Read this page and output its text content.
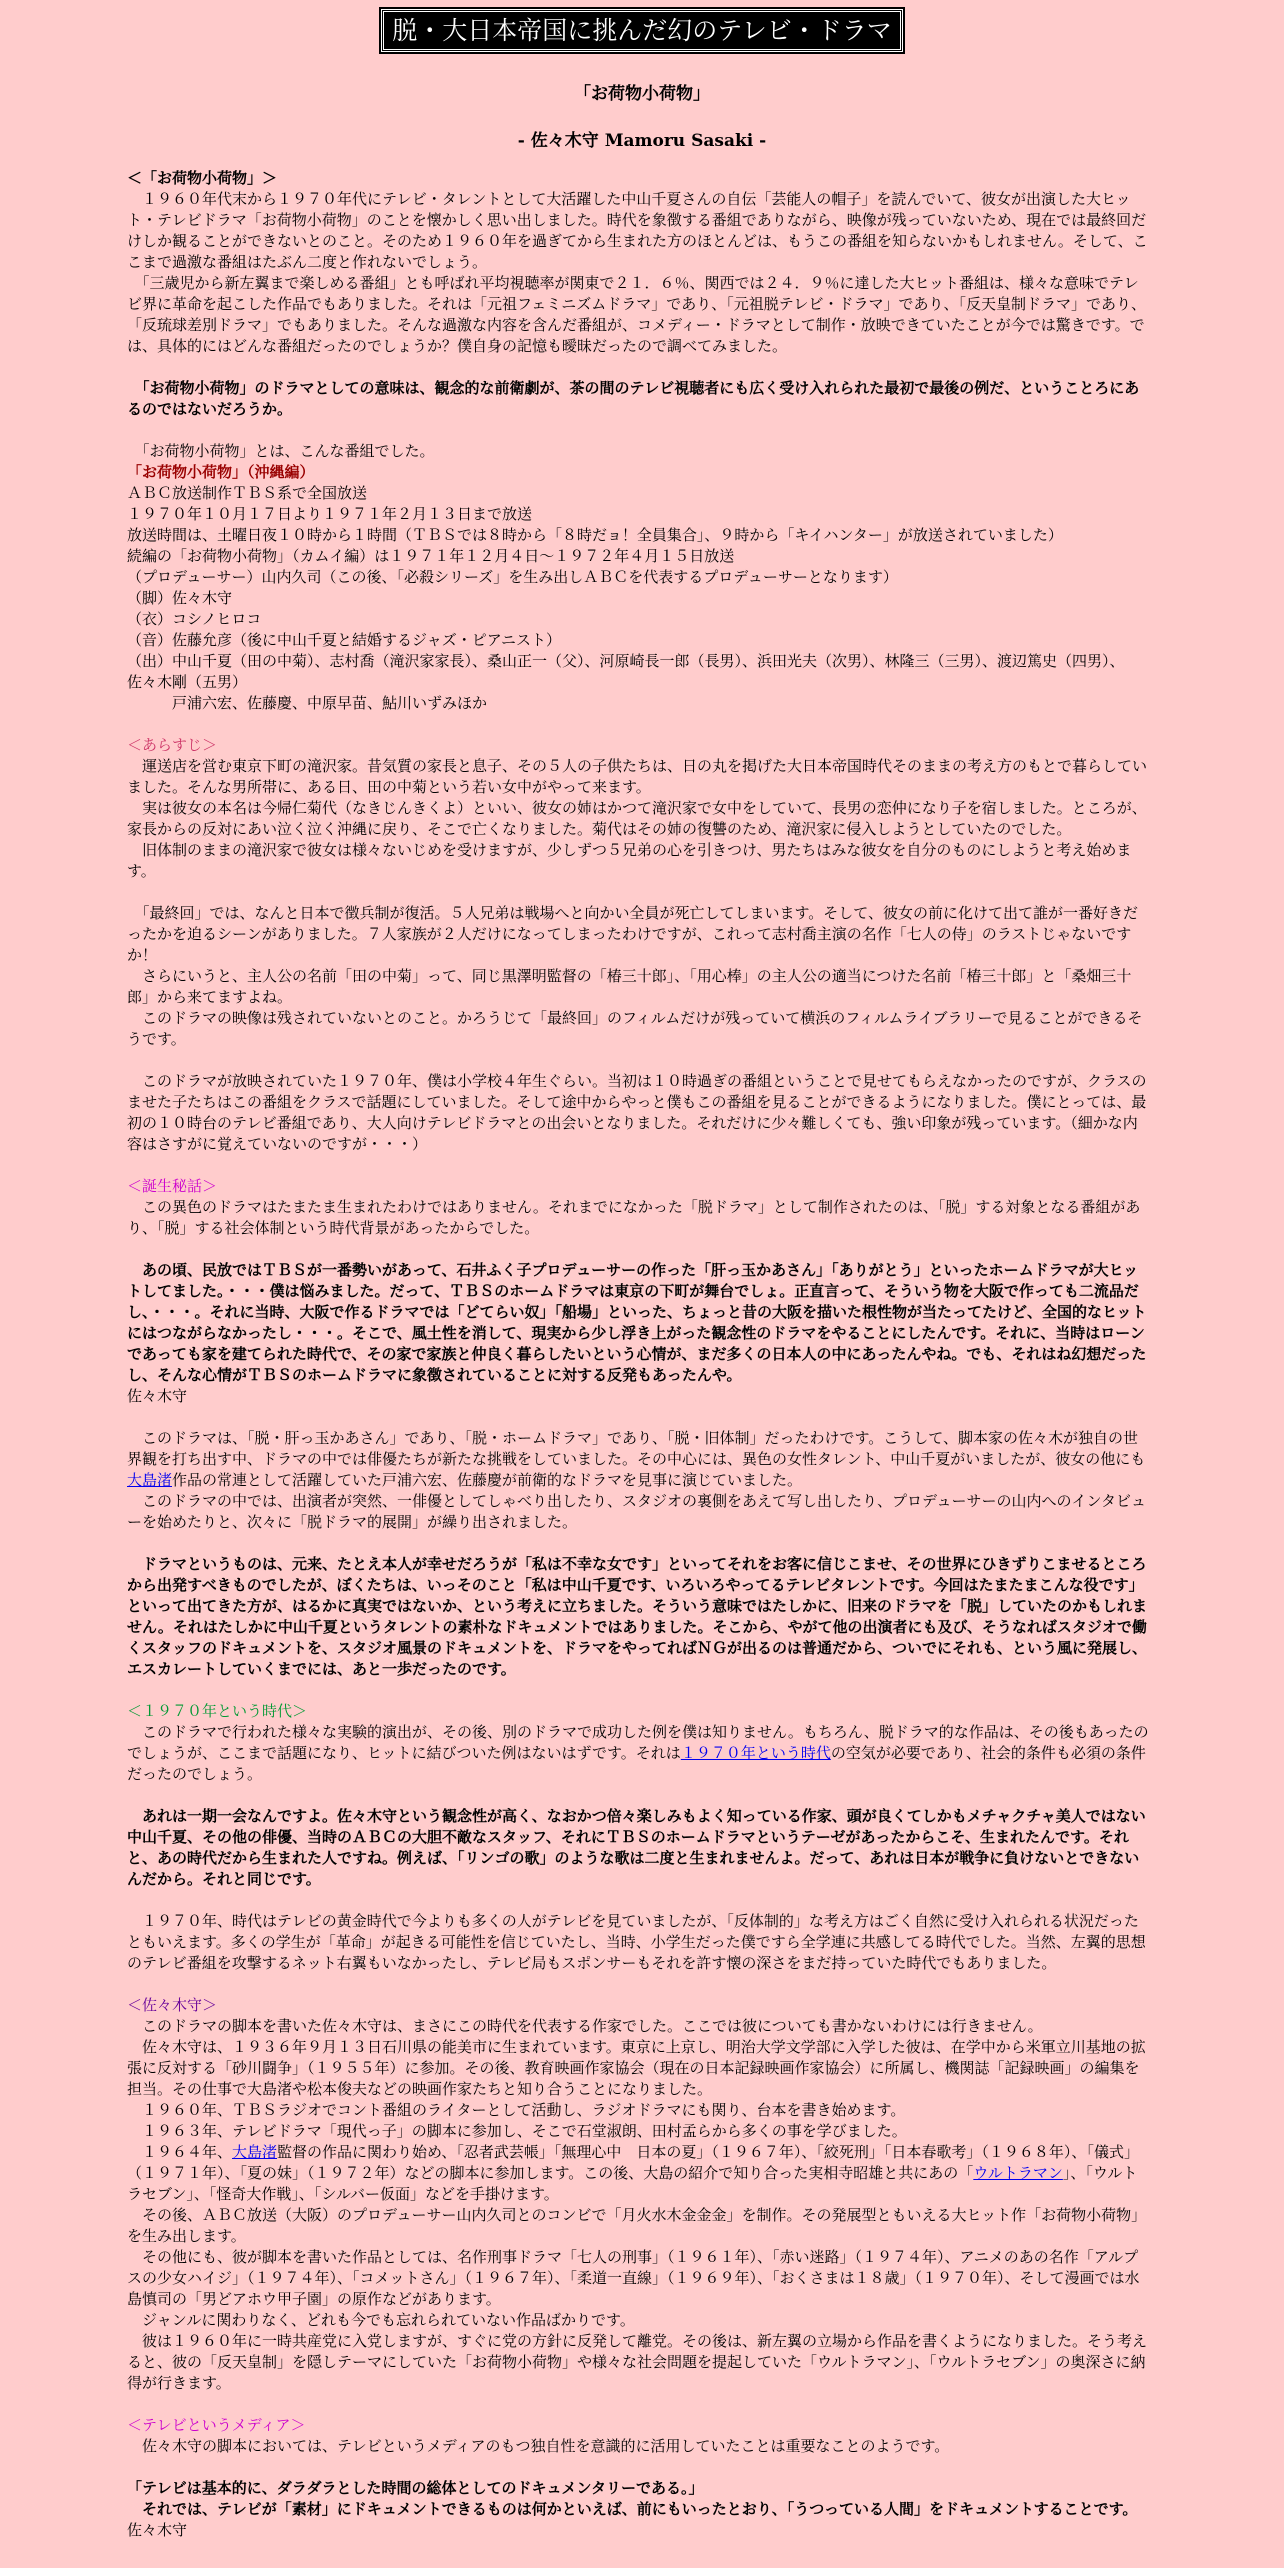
脱・大日本帝国に挑んだ幻のテレビ・ドラマ

「お荷物小荷物」

- 佐々木守 Mamoru Sasaki -

＜「お荷物小荷物」＞

　１９６０年代末から１９７０年代にテレビ・タレントとして大活躍した中山千夏さんの自伝「芸能人の帽子」を読んでいて、彼女が出演した大ヒット・テレビドラマ「お荷物小荷物」のことを懐かしく思い出しました。時代を象徴する番組でありながら、映像が残っていないため、現在では最終回だけしか観ることができないとのこと。そのため１９６０年を過ぎてから生まれた方のほとんどは、もうこの番組を知らないかもしれません。そして、ここまで過激な番組はたぶん二度と作れないでしょう。

　「三歳児から新左翼まで楽しめる番組」とも呼ばれ平均視聴率が関東で２１．６％、関西では２４．９％に達した大ヒット番組は、様々な意味でテレビ界に革命を起こした作品でもありました。それは「元祖フェミニズムドラマ」であり、「元祖脱テレビ・ドラマ」であり、「反天皇制ドラマ」であり、「反琉球差別ドラマ」でもありました。そんな過激な内容を含んだ番組が、コメディー・ドラマとして制作・放映できていたことが今では驚きです。では、具体的にはどんな番組だったのでしょうか？僕自身の記憶も曖昧だったので調べてみました。

　「お荷物小荷物」のドラマとしての意味は、観念的な前衛劇が、茶の間のテレビ視聴者にも広く受け入れられた最初で最後の例だ、ということろにあるのではないだろうか。

　「お荷物小荷物」とは、こんな番組でした。

「お荷物小荷物」（沖縄編）

ＡＢＣ放送制作ＴＢＳ系で全国放送

１９７０年１０月１７日より１９７１年２月１３日まで放送

放送時間は、土曜日夜１０時から１時間（ＴＢＳでは８時から「８時だョ！全員集合」、９時から「キイハンター」が放送されていました）

続編の「お荷物小荷物」（カムイ編）は１９７１年１２月４日～１９７２年４月１５日放送

（プロデューサー）山内久司（この後、「必殺シリーズ」を生み出しＡＢＣを代表するプロデューサーとなります）

（脚）佐々木守

（衣）コシノヒロコ

（音）佐藤允彦（後に中山千夏と結婚するジャズ・ピアニスト）

（出）中山千夏（田の中菊）、志村喬（滝沢家家長）、桑山正一（父）、河原崎長一郎（長男）、浜田光夫（次男）、林隆三（三男）、渡辺篤史（四男）、佐々木剛（五男）

戸浦六宏、佐藤慶、中原早苗、鮎川いずみほか

＜あらすじ＞

　運送店を営む東京下町の滝沢家。昔気質の家長と息子、その５人の子供たちは、日の丸を掲げた大日本帝国時代そのままの考え方のもとで暮らしていました。そんな男所帯に、ある日、田の中菊という若い女中がやって来ます。

　実は彼女の本名は今帰仁菊代（なきじんきくよ）といい、彼女の姉はかつて滝沢家で女中をしていて、長男の恋仲になり子を宿しました。ところが、家長からの反対にあい泣く泣く沖縄に戻り、そこで亡くなりました。菊代はその姉の復讐のため、滝沢家に侵入しようとしていたのでした。

　旧体制のままの滝沢家で彼女は様々ないじめを受けますが、少しずつ５兄弟の心を引きつけ、男たちはみな彼女を自分のものにしようと考え始めます。

　「最終回」では、なんと日本で徴兵制が復活。５人兄弟は戦場へと向かい全員が死亡してしまいます。そして、彼女の前に化けて出て誰が一番好きだったかを迫るシーンがありました。７人家族が２人だけになってしまったわけですが、これって志村喬主演の名作「七人の侍」のラストじゃないですか！

　さらにいうと、主人公の名前「田の中菊」って、同じ黒澤明監督の「椿三十郎」、「用心棒」の主人公の適当につけた名前「椿三十郎」と「桑畑三十郎」から来てますよね。

　このドラマの映像は残されていないとのこと。かろうじて「最終回」のフィルムだけが残っていて横浜のフィルムライブラリーで見ることができるそうです。

　このドラマが放映されていた１９７０年、僕は小学校４年生ぐらい。当初は１０時過ぎの番組ということで見せてもらえなかったのですが、クラスのませた子たちはこの番組をクラスで話題にしていました。そして途中からやっと僕もこの番組を見ることができるようになりました。僕にとっては、最初の１０時台のテレビ番組であり、大人向けテレビドラマとの出会いとなりました。それだけに少々難しくても、強い印象が残っています。（細かな内容はさすがに覚えていないのですが・・・）

＜誕生秘話＞

　この異色のドラマはたまたま生まれたわけではありません。それまでになかった「脱ドラマ」として制作されたのは、「脱」する対象となる番組があり、「脱」する社会体制という時代背景があったからでした。

　あの頃、民放ではＴＢＳが一番勢いがあって、石井ふく子プロデューサーの作った「肝っ玉かあさん」「ありがとう」といったホームドラマが大ヒットしてました。・・・僕は悩みました。だって、ＴＢＳのホームドラマは東京の下町が舞台でしょ。正直言って、そういう物を大阪で作っても二流品だし、・・・。それに当時、大阪で作るドラマでは「どてらい奴」「船場」といった、ちょっと昔の大阪を描いた根性物が当たってたけど、全国的なヒットにはつながらなかったし・・・。そこで、風土性を消して、現実から少し浮き上がった観念性のドラマをやることにしたんです。それに、当時はローンであっても家を建てられた時代で、その家で家族と仲良く暮らしたいという心情が、まだ多くの日本人の中にあったんやね。でも、それはね幻想だったし、そんな心情がＴＢＳのホームドラマに象徴されていることに対する反発もあったんや。

佐々木守

　このドラマは、「脱・肝っ玉かあさん」であり、「脱・ホームドラマ」であり、「脱・旧体制」だったわけです。こうして、脚本家の佐々木が独自の世界観を打ち出す中、ドラマの中では俳優たちが新たな挑戦をしていました。その中心には、異色の女性タレント、中山千夏がいましたが、彼女の他にも大島渚作品の常連として活躍していた戸浦六宏、佐藤慶が前衛的なドラマを見事に演じていました。

　このドラマの中では、出演者が突然、一俳優としてしゃべり出したり、スタジオの裏側をあえて写し出したり、プロデューサーの山内へのインタビューを始めたりと、次々に「脱ドラマ的展開」が繰り出されました。

　ドラマというものは、元来、たとえ本人が幸せだろうが「私は不幸な女です」といってそれをお客に信じこませ、その世界にひきずりこませるところから出発すべきものでしたが、ぼくたちは、いっそのこと「私は中山千夏です、いろいろやってるテレビタレントです。今回はたまたまこんな役です」といって出てきた方が、はるかに真実ではないか、という考えに立ちました。そういう意味ではたしかに、旧来のドラマを「脱」していたのかもしれません。それはたしかに中山千夏というタレントの素朴なドキュメントではありました。そこから、やがて他の出演者にも及び、そうなればスタジオで働くスタッフのドキュメントを、スタジオ風景のドキュメントを、ドラマをやってればＮＧが出るのは普通だから、ついでにそれも、という風に発展し、エスカレートしていくまでには、あと一歩だったのです。

＜１９７０年という時代＞

　このドラマで行われた様々な実験的演出が、その後、別のドラマで成功した例を僕は知りません。もちろん、脱ドラマ的な作品は、その後もあったのでしょうが、ここまで話題になり、ヒットに結びついた例はないはずです。それは１９７０年という時代の空気が必要であり、社会的条件も必須の条件だったのでしょう。

　あれは一期一会なんですよ。佐々木守という観念性が高く、なおかつ倍々楽しみもよく知っている作家、頭が良くてしかもメチャクチャ美人ではない中山千夏、その他の俳優、当時のＡＢＣの大胆不敵なスタッフ、それにＴＢＳのホームドラマというテーゼがあったからこそ、生まれたんです。それと、あの時代だから生まれた人ですね。例えば、「リンゴの歌」のような歌は二度と生まれませんよ。だって、あれは日本が戦争に負けないとできないんだから。それと同じです。

　１９７０年、時代はテレビの黄金時代で今よりも多くの人がテレビを見ていましたが、「反体制的」な考え方はごく自然に受け入れられる状況だったともいえます。多くの学生が「革命」が起きる可能性を信じていたし、当時、小学生だった僕ですら全学連に共感してる時代でした。当然、左翼的思想のテレビ番組を攻撃するネット右翼もいなかったし、テレビ局もスポンサーもそれを許す懐の深さをまだ持っていた時代でもありました。

＜佐々木守＞

　このドラマの脚本を書いた佐々木守は、まさにこの時代を代表する作家でした。ここでは彼についても書かないわけには行きません。

　佐々木守は、１９３６年９月１３日石川県の能美市に生まれています。東京に上京し、明治大学文学部に入学した彼は、在学中から米軍立川基地の拡張に反対する「砂川闘争」（１９５５年）に参加。その後、教育映画作家協会（現在の日本記録映画作家協会）に所属し、機関誌「記録映画」の編集を担当。その仕事で大島渚や松本俊夫などの映画作家たちと知り合うことになりました。

　１９６０年、ＴＢＳラジオでコント番組のライターとして活動し、ラジオドラマにも関り、台本を書き始めます。

　１９６３年、テレビドラマ「現代っ子」の脚本に参加し、そこで石堂淑朗、田村孟らから多くの事を学びました。

　１９６４年、大島渚監督の作品に関わり始め、「忍者武芸帳」「無理心中　日本の夏」（１９６７年）、「絞死刑」「日本春歌考」（１９６８年）、「儀式」（１９７１年）、「夏の妹」（１９７２年）などの脚本に参加します。この後、大島の紹介で知り合った実相寺昭雄と共にあの「ウルトラマン」、「ウルトラセブン」、「怪奇大作戦」、「シルバー仮面」などを手掛けます。

　その後、ＡＢＣ放送（大阪）のプロデューサー山内久司とのコンビで「月火水木金金金」を制作。その発展型ともいえる大ヒット作「お荷物小荷物」を生み出します。

　その他にも、彼が脚本を書いた作品としては、名作刑事ドラマ「七人の刑事」（１９６１年）、「赤い迷路」（１９７４年）、アニメのあの名作「アルプスの少女ハイジ」（１９７４年）、「コメットさん」（１９６７年）、「柔道一直線」（１９６９年）、「おくさまは１８歳」（１９７０年）、そして漫画では水島慎司の「男どアホウ甲子園」の原作などがあります。

　ジャンルに関わりなく、どれも今でも忘れられていない作品ばかりです。

　彼は１９６０年に一時共産党に入党しますが、すぐに党の方針に反発して離党。その後は、新左翼の立場から作品を書くようになりました。そう考えると、彼の「反天皇制」を隠しテーマにしていた「お荷物小荷物」や様々な社会問題を提起していた「ウルトラマン」、「ウルトラセブン」の奥深さに納得が行きます。

＜テレビというメディア＞

　佐々木守の脚本においては、テレビというメディアのもつ独自性を意識的に活用していたことは重要なことのようです。

「テレビは基本的に、ダラダラとした時間の総体としてのドキュメンタリーである。」

　それでは、テレビが「素材」にドキュメントできるものは何かといえば、前にもいったとおり、「うつっている人間」をドキュメントすることです。

佐々木守
